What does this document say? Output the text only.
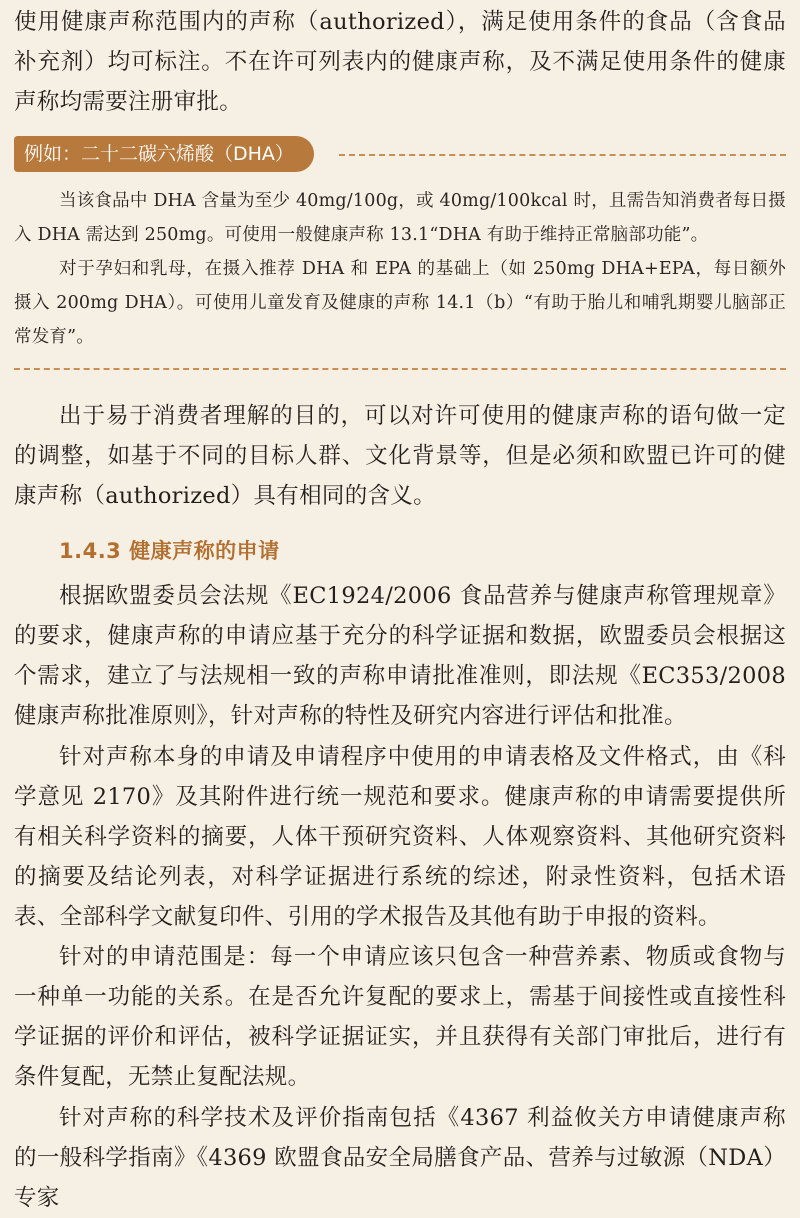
使用健康声称范围内的声称（authorized），满足使用条件的食品（含食品补充剂）均可标注。不在许可列表内的健康声称，及不满足使用条件的健康声称均需要注册审批。

例如：二十二碳六烯酸（DHA）

当该食品中 DHA 含量为至少 40mg/100g，或 40mg/100kcal 时，且需告知消费者每日摄入 DHA 需达到 250mg。可使用一般健康声称 13.1“DHA 有助于维持正常脑部功能”。

对于孕妇和乳母，在摄入推荐 DHA 和 EPA 的基础上（如 250mg DHA+EPA，每日额外摄入 200mg DHA）。可使用儿童发育及健康的声称 14.1（b）“有助于胎儿和哺乳期婴儿脑部正常发育”。

出于易于消费者理解的目的，可以对许可使用的健康声称的语句做一定的调整，如基于不同的目标人群、文化背景等，但是必须和欧盟已许可的健康声称（authorized）具有相同的含义。

1.4.3 健康声称的申请

根据欧盟委员会法规《EC1924/2006 食品营养与健康声称管理规章》的要求，健康声称的申请应基于充分的科学证据和数据，欧盟委员会根据这个需求，建立了与法规相一致的声称申请批准准则，即法规《EC353/2008 健康声称批准原则》，针对声称的特性及研究内容进行评估和批准。

针对声称本身的申请及申请程序中使用的申请表格及文件格式，由《科学意见 2170》及其附件进行统一规范和要求。健康声称的申请需要提供所有相关科学资料的摘要，人体干预研究资料、人体观察资料、其他研究资料的摘要及结论列表，对科学证据进行系统的综述，附录性资料，包括术语表、全部科学文献复印件、引用的学术报告及其他有助于申报的资料。

针对的申请范围是：每一个申请应该只包含一种营养素、物质或食物与一种单一功能的关系。在是否允许复配的要求上，需基于间接性或直接性科学证据的评价和评估，被科学证据证实，并且获得有关部门审批后，进行有条件复配，无禁止复配法规。

针对声称的科学技术及评价指南包括《4367 利益攸关方申请健康声称的一般科学指南》《4369 欧盟食品安全局膳食产品、营养与过敏源（NDA）专家
